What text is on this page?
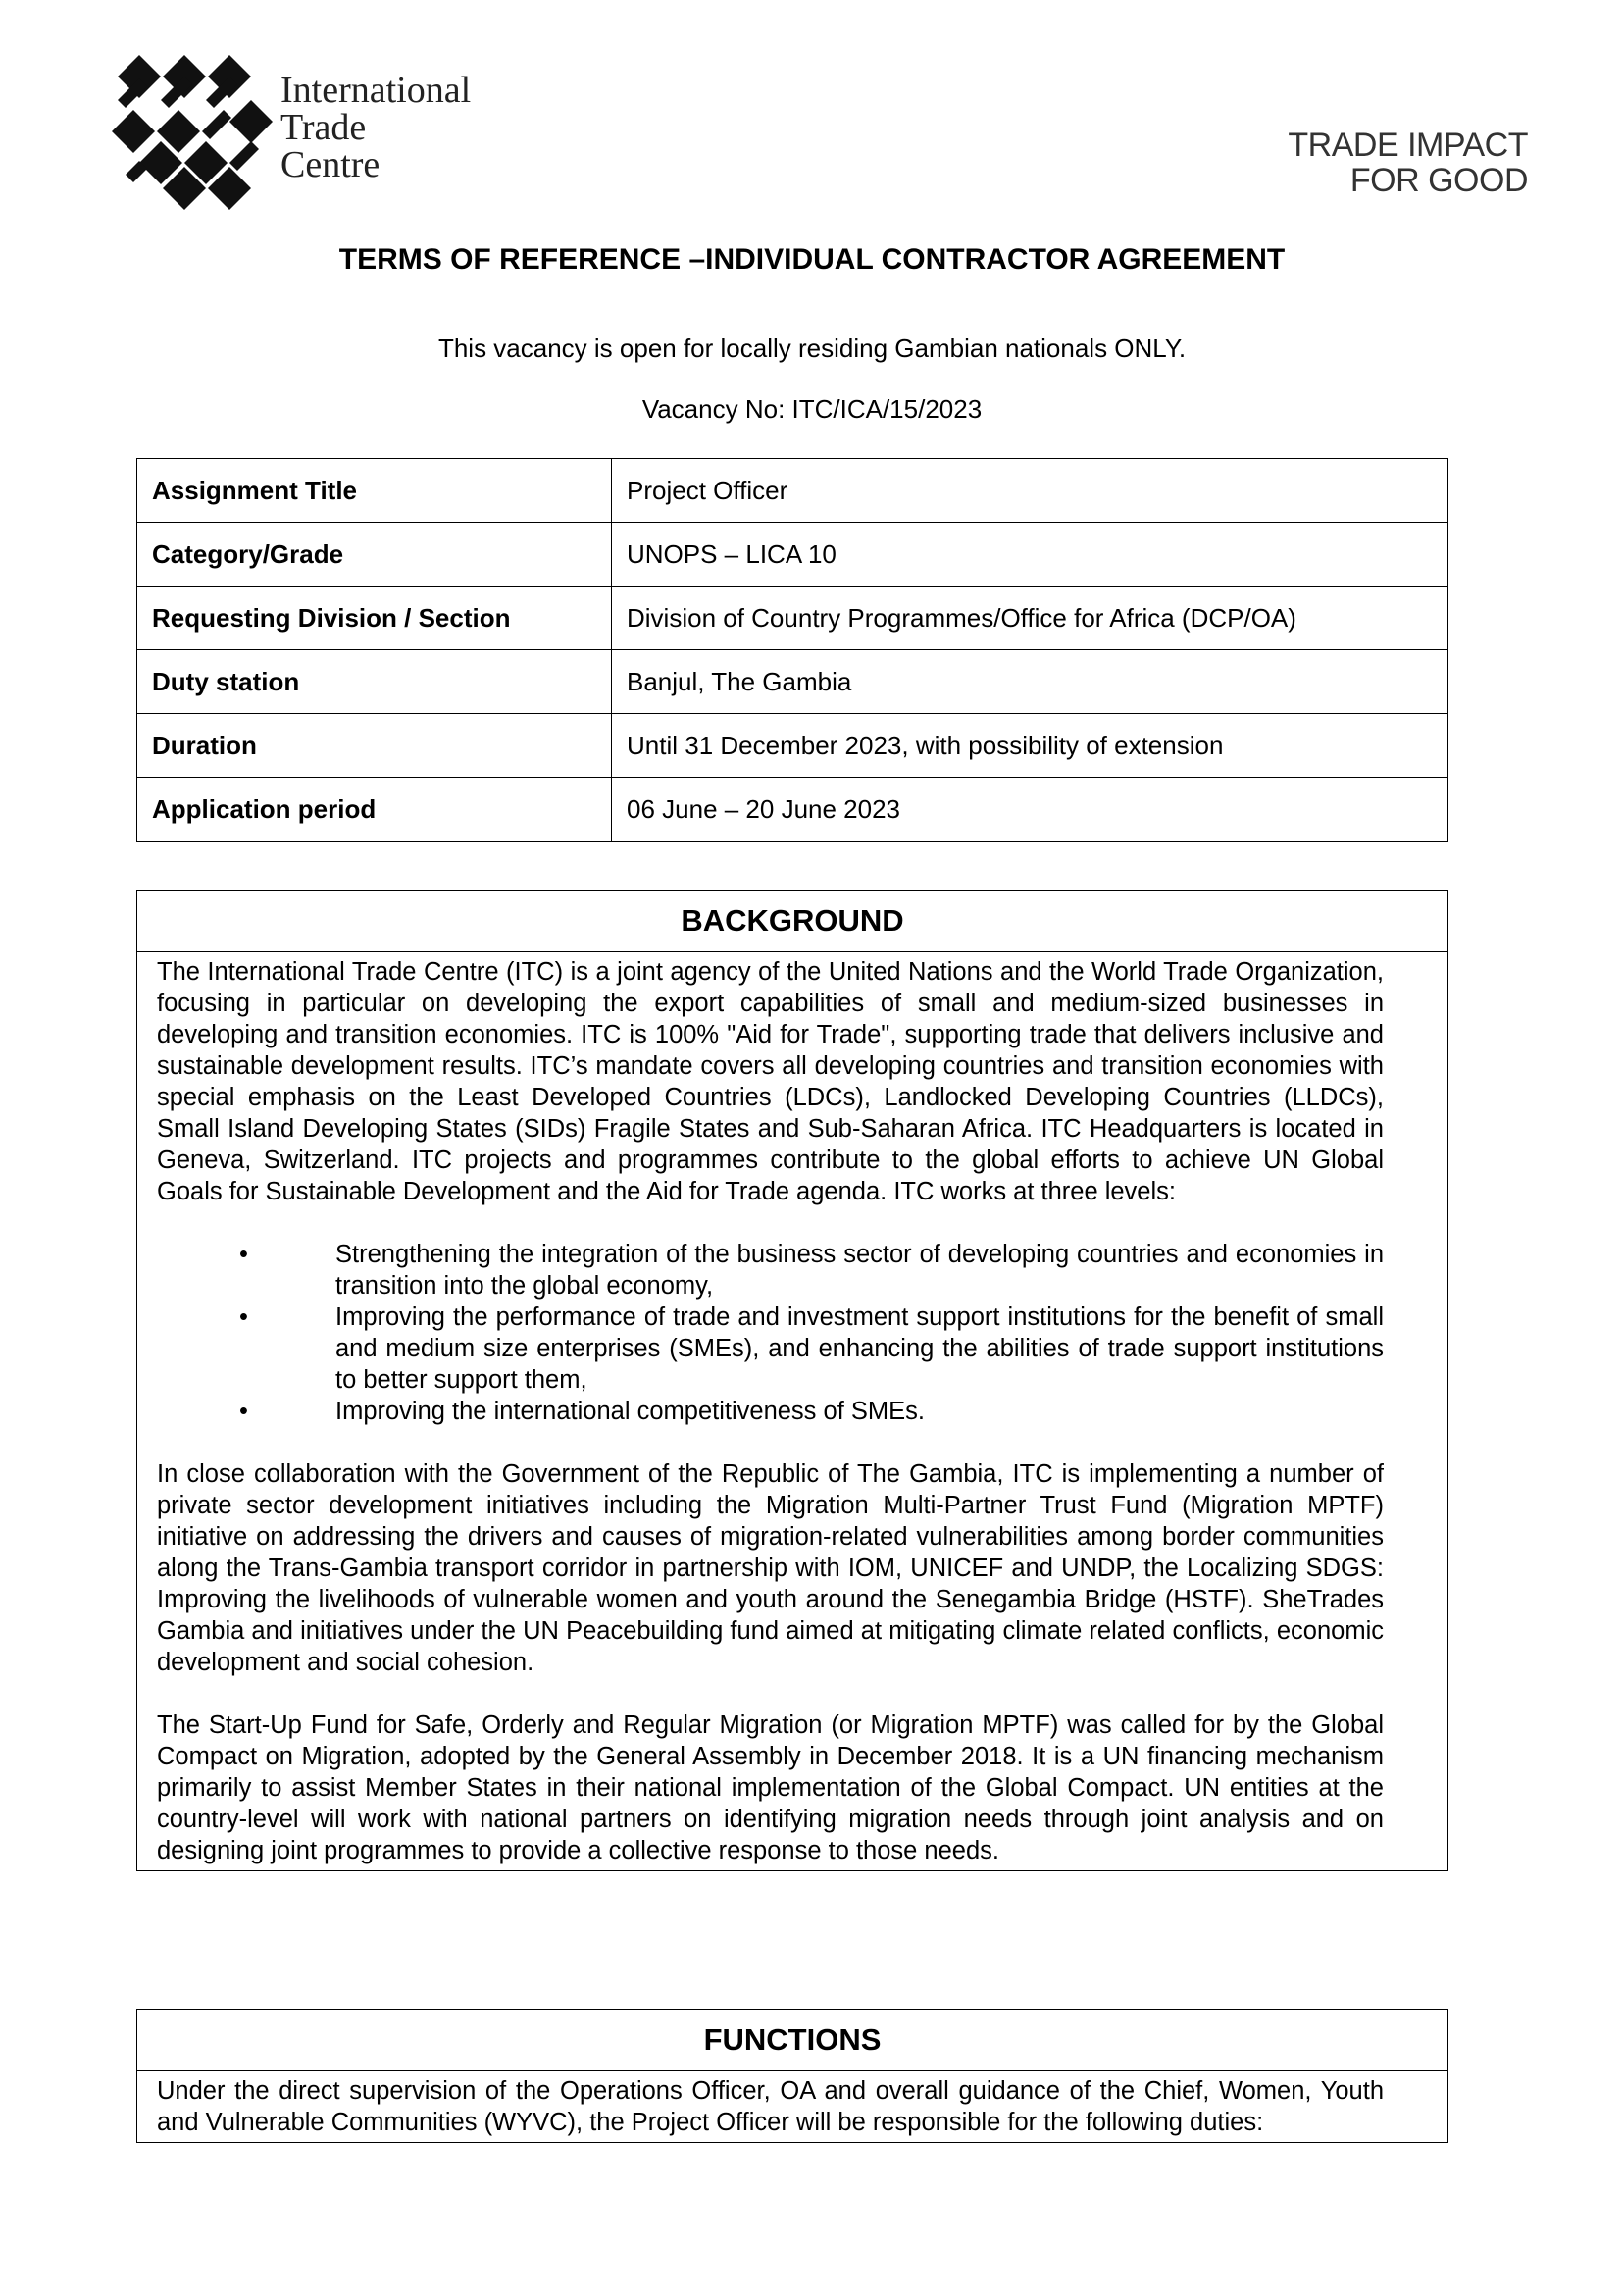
International
Trade
Centre	TRADE IMPACT
FOR GOOD
TERMS OF REFERENCE –INDIVIDUAL CONTRACTOR AGREEMENT
This vacancy is open for locally residing Gambian nationals ONLY.
Vacancy No: ITC/ICA/15/2023
Assignment Title	Project Officer
Category/Grade	UNOPS – LICA 10
Requesting Division / Section	Division of Country Programmes/Office for Africa (DCP/OA)
Duty station	Banjul, The Gambia
Duration	Until 31 December 2023, with possibility of extension
Application period	06 June – 20 June 2023
BACKGROUND

The International Trade Centre (ITC) is a joint agency of the United Nations and the World Trade Organization, focusing in particular on developing the export capabilities of small and medium-sized businesses in developing and transition economies. ITC is 100% "Aid for Trade", supporting trade that delivers inclusive and sustainable development results. ITC’s mandate covers all developing countries and transition economies with special emphasis on the Least Developed Countries (LDCs), Landlocked Developing Countries (LLDCs), Small Island Developing States (SIDs) Fragile States and Sub-Saharan Africa. ITC Headquarters is located in Geneva, Switzerland. ITC projects and programmes contribute to the global efforts to achieve UN Global Goals for Sustainable Development and the Aid for Trade agenda. ITC works at three levels:

•	Strengthening the integration of the business sector of developing countries and economies in transition into the global economy,
•	Improving the performance of trade and investment support institutions for the benefit of small and medium size enterprises (SMEs), and enhancing the abilities of trade support institutions to better support them,
•	Improving the international competitiveness of SMEs.

In close collaboration with the Government of the Republic of The Gambia, ITC is implementing a number of private sector development initiatives including the Migration Multi-Partner Trust Fund (Migration MPTF) initiative on addressing the drivers and causes of migration-related vulnerabilities among border communities along the Trans-Gambia transport corridor in partnership with IOM, UNICEF and UNDP, the Localizing SDGS: Improving the livelihoods of vulnerable women and youth around the Senegambia Bridge (HSTF). SheTrades Gambia and initiatives under the UN Peacebuilding fund aimed at mitigating climate related conflicts, economic development and social cohesion.

The Start-Up Fund for Safe, Orderly and Regular Migration (or Migration MPTF) was called for by the Global Compact on Migration, adopted by the General Assembly in December 2018. It is a UN financing mechanism primarily to assist Member States in their national implementation of the Global Compact. UN entities at the country-level will work with national partners on identifying migration needs through joint analysis and on designing joint programmes to provide a collective response to those needs.

FUNCTIONS

Under the direct supervision of the Operations Officer, OA and overall guidance of the Chief, Women, Youth and Vulnerable Communities (WYVC), the Project Officer will be responsible for the following duties:
